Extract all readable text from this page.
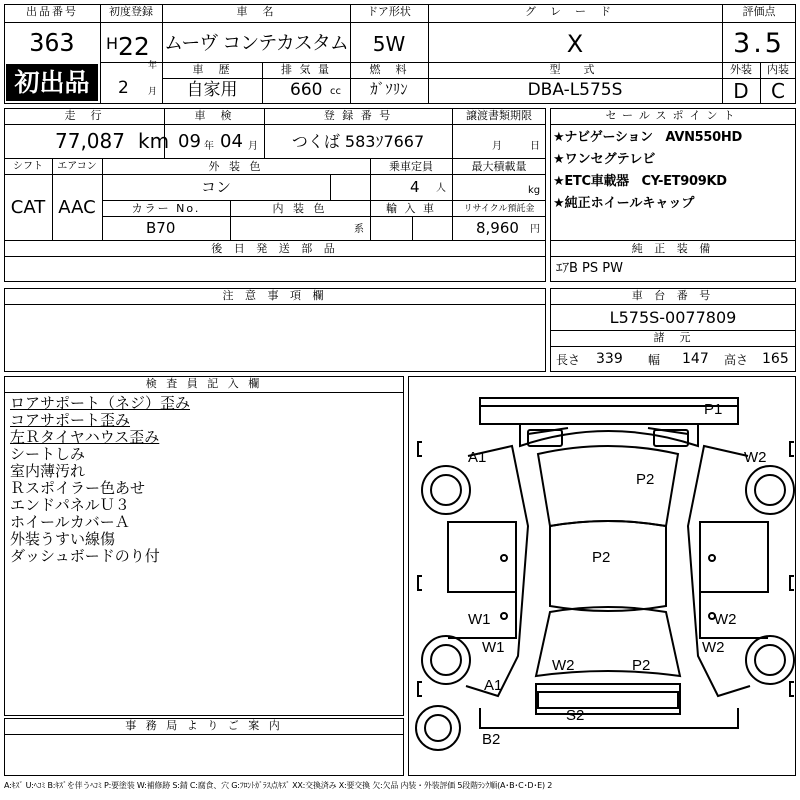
出品番号
363
初出品
初度登録
H 22
年
2 月
車　名
ムーヴ コンテカスタム
ドア形状
5W
グレード
X
評価点
3.5
外装	内装
D	C
車　歴
自家用
排 気 量
660 cc
燃　料
ｶﾞｿﾘﾝ
型　式
DBA-L575S
走　行
77,087 km
車　検
09 年 04 月
登 録 番 号
つくば 583ｿ7667
譲渡書類期限
月	日
シフト	エアコン
CAT AAC
外 装 色
コン
乗車定員
4 人
最大積載量
kg
カラー No.
B70
内 装 色
系
輸 入 車	リサイクル預託金
8,960 円
後 日 発 送 部 品
セールスポイント
★ナビゲーション　AVN550HD
★ワンセグテレビ
★ETC車載器　CY-ET909KD
★純正ホイールキャップ
純 正 装 備
ｴｱB PS PW
注 意 事 項 欄	車 台 番 号
L575S-0077809
諸　元
長さ 339 幅 147 高さ 165
検 査 員 記 入 欄
ロアサポート（ネジ）歪み
コアサポート歪み
左Ｒタイヤハウス歪み
シートしみ
室内薄汚れ
Ｒスポイラー色あせ
エンドパネルＵ３
ホイールカバーＡ
外装うすい線傷
ダッシュボードのり付
事 務 局 よ り ご 案 内
P1
A1	W2
P2
P2
W1	W2
W1	W2
W2	P2
A1
S2
B2
A:ｷｽﾞ U:ﾍｺﾐ B:ｷｽﾞを伴うﾍｺﾐ P:要塗装 W:補修跡 S:錆 C:腐食、穴 G:ﾌﾛﾝﾄｶﾞﾗｽ点ｷｽﾞ XX:交換済み X:要交換 欠:欠品 内装・外装評価 5段階ﾗﾝｸ順(A･B･C･D･E) 2
